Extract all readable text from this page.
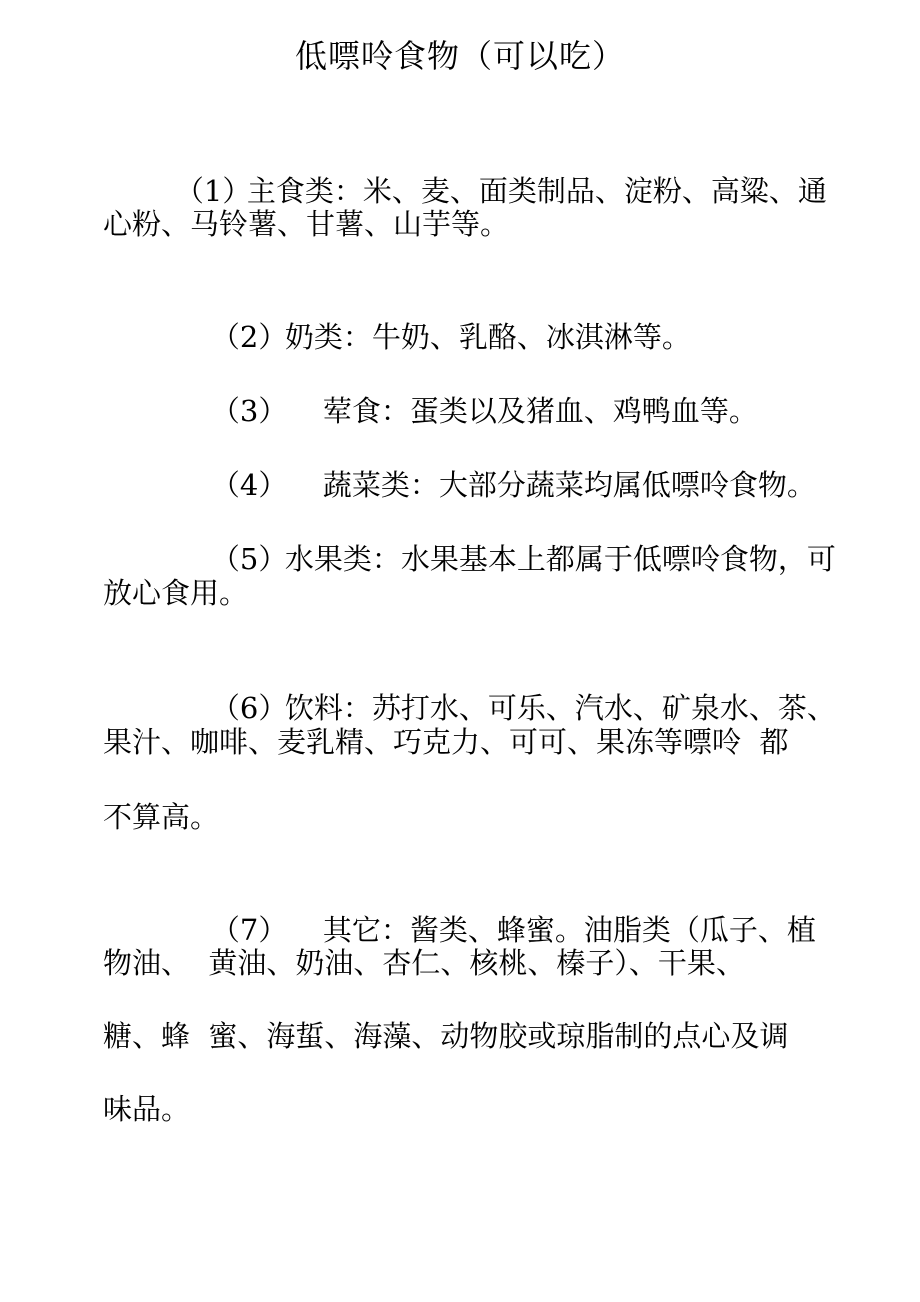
低嘌呤食物（可以吃）

（1）主食类：米、麦、面类制品、淀粉、高粱、通

心粉、马铃薯、甘薯、山芋等。

（2）奶类：牛奶、乳酪、冰淇淋等。

（3） 荤食：蛋类以及猪血、鸡鸭血等。

（4） 蔬菜类：大部分蔬菜均属低嘌呤食物。

（5）水果类：水果基本上都属于低嘌呤食物，可

放心食用。

（6）饮料：苏打水、可乐、汽水、矿泉水、茶、

果汁、咖啡、麦乳精、巧克力、可可、果冻等嘌呤  都
不算高。

（7） 其它：酱类、蜂蜜。油脂类（瓜子、植

物油、  黄油、奶油、杏仁、核桃、榛子）、干果、
糖、蜂  蜜、海蜇、海藻、动物胶或琼脂制的点心及调
味品。
